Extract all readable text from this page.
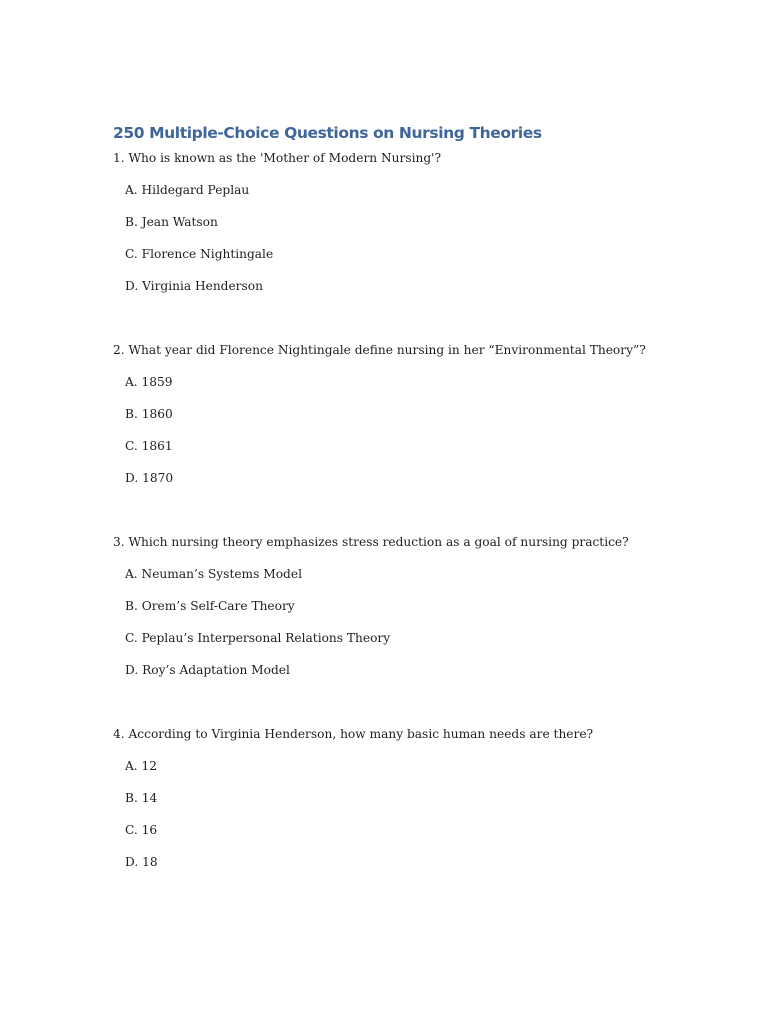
250 Multiple-Choice Questions on Nursing Theories
1. Who is known as the 'Mother of Modern Nursing'?
A. Hildegard Peplau
B. Jean Watson
C. Florence Nightingale
D. Virginia Henderson
2. What year did Florence Nightingale define nursing in her “Environmental Theory”?
A. 1859
B. 1860
C. 1861
D. 1870
3. Which nursing theory emphasizes stress reduction as a goal of nursing practice?
A. Neuman’s Systems Model
B. Orem’s Self-Care Theory
C. Peplau’s Interpersonal Relations Theory
D. Roy’s Adaptation Model
4. According to Virginia Henderson, how many basic human needs are there?
A. 12
B. 14
C. 16
D. 18
